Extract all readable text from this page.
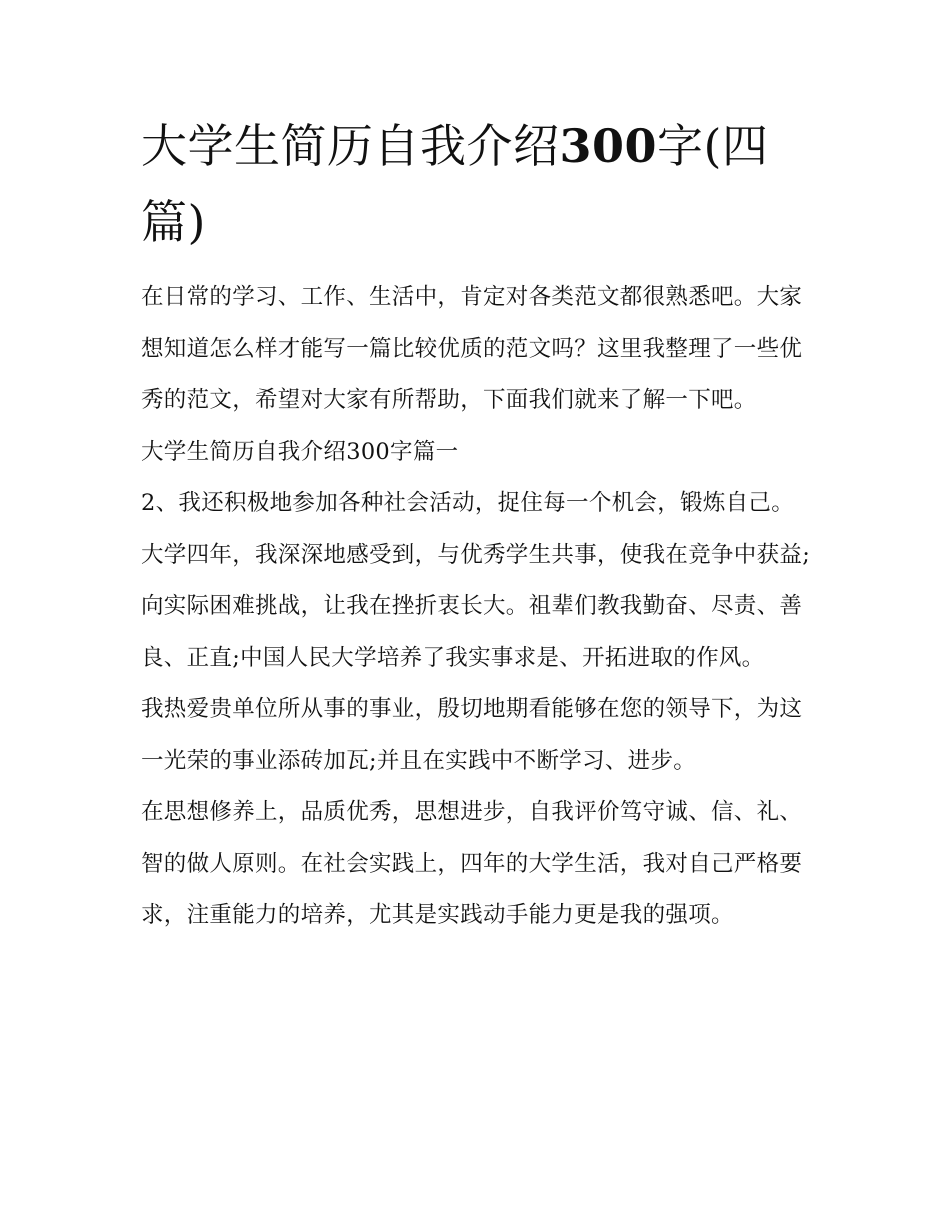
大学生简历自我介绍300字(四篇)

在日常的学习、工作、生活中，肯定对各类范文都很熟悉吧。大家想知道怎么样才能写一篇比较优质的范文吗？这里我整理了一些优秀的范文，希望对大家有所帮助，下面我们就来了解一下吧。

大学生简历自我介绍300字篇一

2、我还积极地参加各种社会活动，捉住每一个机会，锻炼自己。大学四年，我深深地感受到，与优秀学生共事，使我在竞争中获益;向实际困难挑战，让我在挫折衷长大。祖辈们教我勤奋、尽责、善良、正直;中国人民大学培养了我实事求是、开拓进取的作风。

我热爱贵单位所从事的事业，殷切地期看能够在您的领导下，为这一光荣的事业添砖加瓦;并且在实践中不断学习、进步。

在思想修养上，品质优秀，思想进步，自我评价笃守诚、信、礼、智的做人原则。在社会实践上，四年的大学生活，我对自己严格要求，注重能力的培养，尤其是实践动手能力更是我的强项。
